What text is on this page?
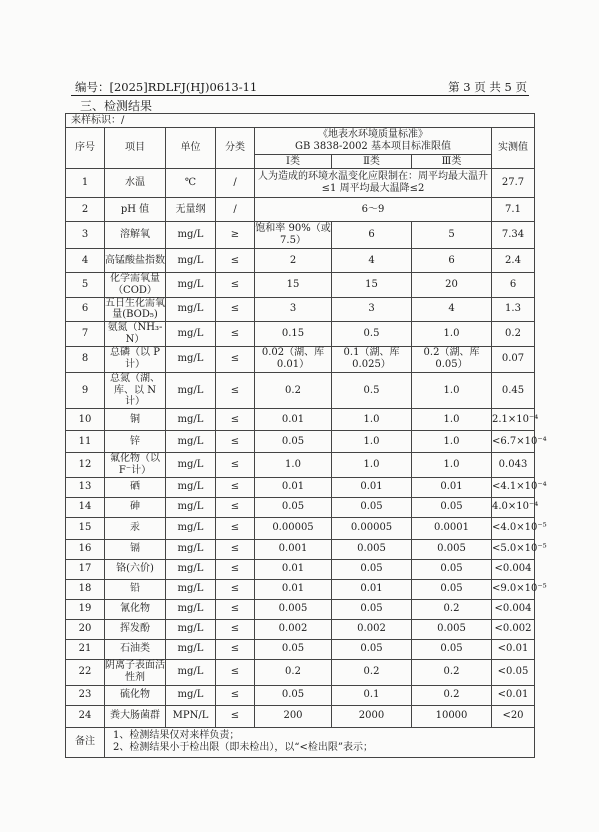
编号：[2025]RDLFJ(HJ)0613-11	第 3 页 共 5 页
三、检测结果
来样标识：/							
序号	项目	单位	分类	《地表水环境质量标准》
GB 3838-2002 基本项目标准限值			实测值
				Ⅰ类	Ⅱ类	Ⅲ类	
1	水温	℃	/	人为造成的环境水温变化应限制在：周平均最大温升≤1 周平均最大温降≤2			27.7
2	pH 值	无量纲	/	6～9			7.1
3	溶解氧	mg/L	≥	饱和率 90%（或 7.5）	6	5	7.34
4	高锰酸盐指数	mg/L	≤	2	4	6	2.4
5	化学需氧量（COD）	mg/L	≤	15	15	20	6
6	五日生化需氧量(BOD₅)	mg/L	≤	3	3	4	1.3
7	氨氮（NH₃-N）	mg/L	≤	0.15	0.5	1.0	0.2
8	总磷（以 P 计）	mg/L	≤	0.02（湖、库 0.01）	0.1（湖、库 0.025）	0.2（湖、库 0.05）	0.07
9	总氮（湖、库、以 N 计）	mg/L	≤	0.2	0.5	1.0	0.45
10	铜	mg/L	≤	0.01	1.0	1.0	2.1×10⁻⁴
11	锌	mg/L	≤	0.05	1.0	1.0	<6.7×10⁻⁴
12	氟化物（以 F⁻计）	mg/L	≤	1.0	1.0	1.0	0.043
13	硒	mg/L	≤	0.01	0.01	0.01	<4.1×10⁻⁴
14	砷	mg/L	≤	0.05	0.05	0.05	4.0×10⁻⁴
15	汞	mg/L	≤	0.00005	0.00005	0.0001	<4.0×10⁻⁵
16	镉	mg/L	≤	0.001	0.005	0.005	<5.0×10⁻⁵
17	铬(六价)	mg/L	≤	0.01	0.05	0.05	<0.004
18	铅	mg/L	≤	0.01	0.01	0.05	<9.0×10⁻⁵
19	氰化物	mg/L	≤	0.005	0.05	0.2	<0.004
20	挥发酚	mg/L	≤	0.002	0.002	0.005	<0.002
21	石油类	mg/L	≤	0.05	0.05	0.05	<0.01
22	阴离子表面活性剂	mg/L	≤	0.2	0.2	0.2	<0.05
23	硫化物	mg/L	≤	0.05	0.1	0.2	<0.01
24	粪大肠菌群	MPN/L	≤	200	2000	10000	<20
备注	1、检测结果仅对来样负责；
2、检测结果小于检出限（即未检出），以“<检出限”表示；						
